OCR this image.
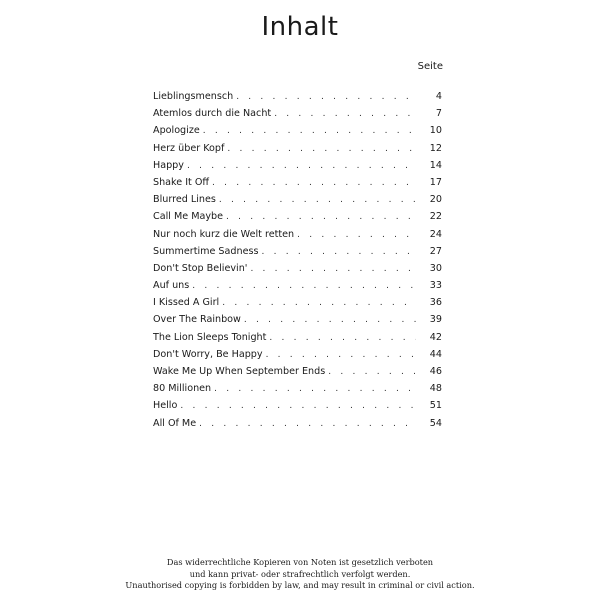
Inhalt
Seite
Lieblingsmensch . . .	4
Atemlos durch die Nacht . . .	7
Apologize . . .	10
Herz über Kopf . . .	12
Happy . . .	14
Shake It Off . . .	17
Blurred Lines . . .	20
Call Me Maybe . . .	22
Nur noch kurz die Welt retten . . .	24
Summertime Sadness . . .	27
Don't Stop Believin' . . .	30
Auf uns . . .	33
I Kissed A Girl . . .	36
Over The Rainbow . . .	39
The Lion Sleeps Tonight . . .	42
Don't Worry, Be Happy . . .	44
Wake Me Up When September Ends . . .	46
80 Millionen . . .	48
Hello . . .	51
All Of Me . . .	54
Das widerrechtliche Kopieren von Noten ist gesetzlich verboten
und kann privat- oder strafrechtlich verfolgt werden.
Unauthorised copying is forbidden by law, and may result in criminal or civil action.
